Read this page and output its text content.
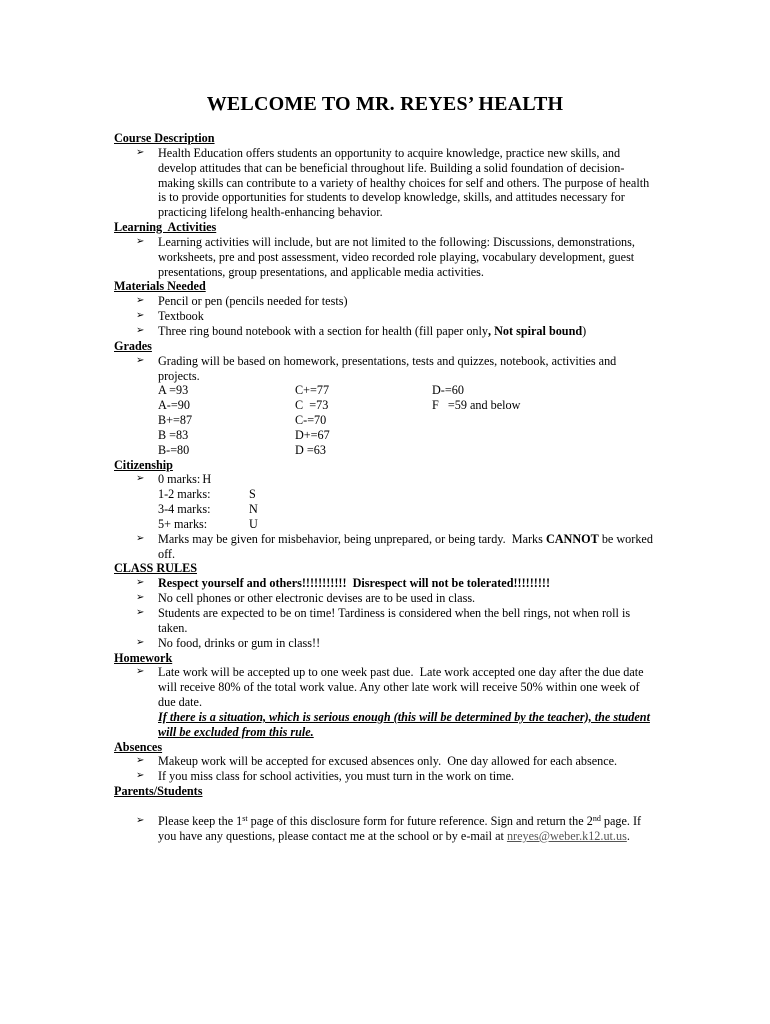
WELCOME TO MR. REYES’ HEALTH
Course Description
➢
Health Education offers students an opportunity to acquire knowledge, practice new skills, and develop attitudes that can be beneficial throughout life. Building a solid foundation of decision-making skills can contribute to a variety of healthy choices for self and others. The purpose of health is to provide opportunities for students to develop knowledge, skills, and attitudes necessary for practicing lifelong health-enhancing behavior.
Learning  Activities
➢
Learning activities will include, but are not limited to the following: Discussions, demonstrations, worksheets, pre and post assessment, video recorded role playing, vocabulary development, guest presentations, group presentations, and applicable media activities.
Materials Needed
➢
Pencil or pen (pencils needed for tests)
➢
Textbook
➢
Three ring bound notebook with a section for health (fill paper only, Not spiral bound)
Grades
➢
Grading will be based on homework, presentations, tests and quizzes, notebook, activities and projects.
A =93	C+=77	D-=60
A-=90	C  =73	F   =59 and below
B+=87	C-=70	
B =83	D+=67	
B-=80	D =63	
Citizenship
➢
0 marks: H
1-2 marks:	S
3-4 marks:	N
5+ marks:	U
➢
Marks may be given for misbehavior, being unprepared, or being tardy.  Marks CANNOT be worked off.
CLASS RULES
➢
Respect yourself and others!!!!!!!!!!!  Disrespect will not be tolerated!!!!!!!!!
➢
No cell phones or other electronic devises are to be used in class.
➢
Students are expected to be on time! Tardiness is considered when the bell rings, not when roll is taken.
➢
No food, drinks or gum in class!!
Homework
➢
Late work will be accepted up to one week past due.  Late work accepted one day after the due date will receive 80% of the total work value. Any other late work will receive 50% within one week of due date.
If there is a situation, which is serious enough (this will be determined by the teacher), the student will be excluded from this rule.
Absences
➢
Makeup work will be accepted for excused absences only.  One day allowed for each absence.
➢
If you miss class for school activities, you must turn in the work on time.
Parents/Students
➢
Please keep the 1st page of this disclosure form for future reference. Sign and return the 2nd page. If you have any questions, please contact me at the school or by e-mail at nreyes@weber.k12.ut.us.
